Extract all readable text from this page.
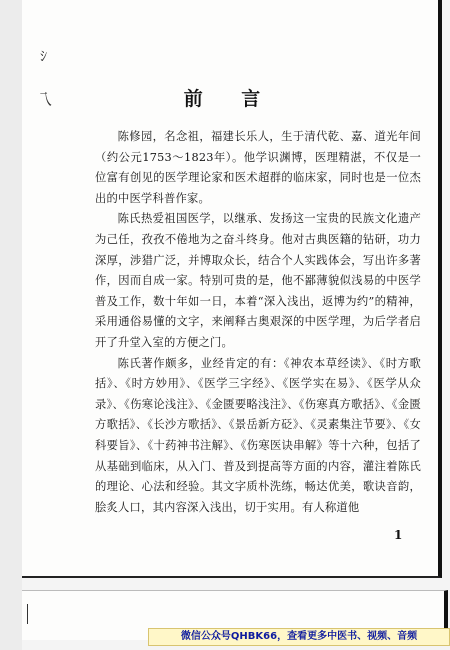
ｼ
乁	前 言

陈修园，名念祖，福建长乐人，生于清代乾、嘉、道光年间（约公元1753～1823年）。他学识渊博，医理精湛，不仅是一位富有创见的医学理论家和医术超群的临床家，同时也是一位杰出的中医学科普作家。

陈氏热爱祖国医学，以继承、发扬这一宝贵的民族文化遗产为己任，孜孜不倦地为之奋斗终身。他对古典医籍的钻研，功力深厚，涉猎广泛，并博取众长，结合个人实践体会，写出许多著作，因而自成一家。特别可贵的是，他不鄙薄貌似浅易的中医学普及工作，数十年如一日，本着“深入浅出，返博为约”的精神，采用通俗易懂的文字，来阐释古奥艰深的中医学理，为后学者启开了升堂入室的方便之门。

陈氏著作颇多，业经肯定的有：《神农本草经读》、《时方歌括》、《时方妙用》、《医学三字经》、《医学实在易》、《医学从众录》、《伤寒论浅注》、《金匮要略浅注》、《伤寒真方歌括》、《金匮方歌括》、《长沙方歌括》、《景岳新方砭》、《灵素集注节要》、《女科要旨》、《十药神书注解》、《伤寒医诀串解》等十六种，包括了从基础到临床，从入门、普及到提高等方面的内容，灌注着陈氏的理论、心法和经验。其文字质朴洗练，畅达优美，歌诀音韵，脍炙人口，其内容深入浅出，切于实用。有人称道他

1
微信公众号QHBK66，查看更多中医书、视频、音频
